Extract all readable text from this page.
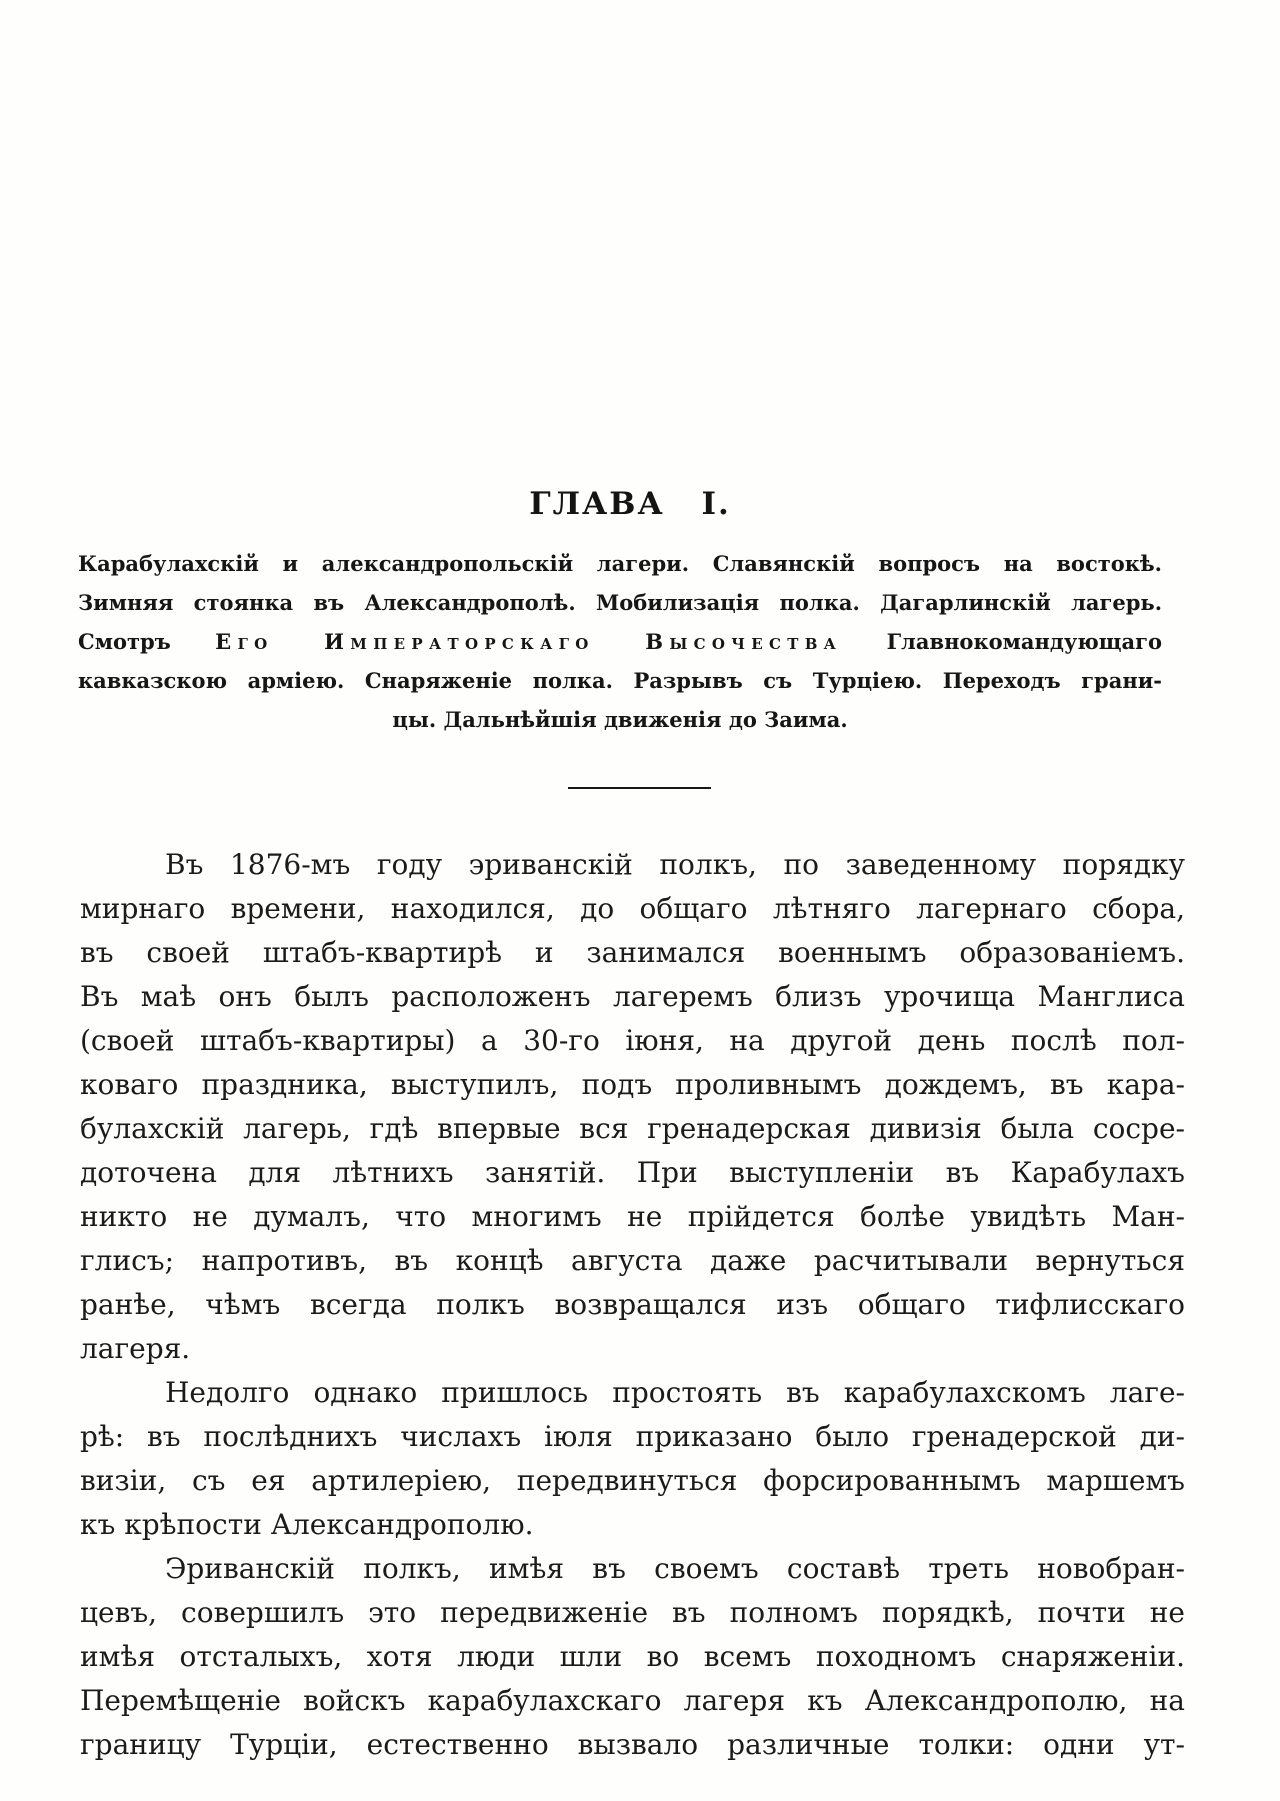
ГЛАВА I.
Карабулахскій и александропольскій лагери. Славянскій вопросъ на востокѣ.
Зимняя стоянка въ Александрополѣ. Мобилизація полка. Дагарлинскій лагерь.
Смотръ Его Императорскаго Высочества Главнокомандующаго
кавказскою арміею. Снаряженіе полка. Разрывъ съ Турціею. Переходъ грани-
цы. Дальнѣйшія движенія до Заима.
Въ 1876-мъ году эриванскій полкъ, по заведенному порядку
мирнаго времени, находился, до общаго лѣтняго лагернаго сбора,
въ своей штабъ-квартирѣ и занимался военнымъ образованіемъ.
Въ маѣ онъ былъ расположенъ лагеремъ близъ урочища Манглиса
(своей штабъ-квартиры) а 30-го іюня, на другой день послѣ пол-
коваго праздника, выступилъ, подъ проливнымъ дождемъ, въ кара-
булахскій лагерь, гдѣ впервые вся гренадерская дивизія была сосре-
доточена для лѣтнихъ занятій. При выступленіи въ Карабулахъ
никто не думалъ, что многимъ не прійдется болѣе увидѣть Ман-
глисъ; напротивъ, въ концѣ августа даже расчитывали вернуться
ранѣе, чѣмъ всегда полкъ возвращался изъ общаго тифлисскаго
лагеря.
Недолго однако пришлось простоять въ карабулахскомъ лаге-
рѣ: въ послѣднихъ числахъ іюля приказано было гренадерской ди-
визіи, съ ея артилеріею, передвинуться форсированнымъ маршемъ
къ крѣпости Александрополю.
Эриванскій полкъ, имѣя въ своемъ составѣ треть новобран-
цевъ, совершилъ это передвиженіе въ полномъ порядкѣ, почти не
имѣя отсталыхъ, хотя люди шли во всемъ походномъ снаряженіи.
Перемѣщеніе войскъ карабулахскаго лагеря къ Александрополю, на
границу Турціи, естественно вызвало различные толки: одни ут-
